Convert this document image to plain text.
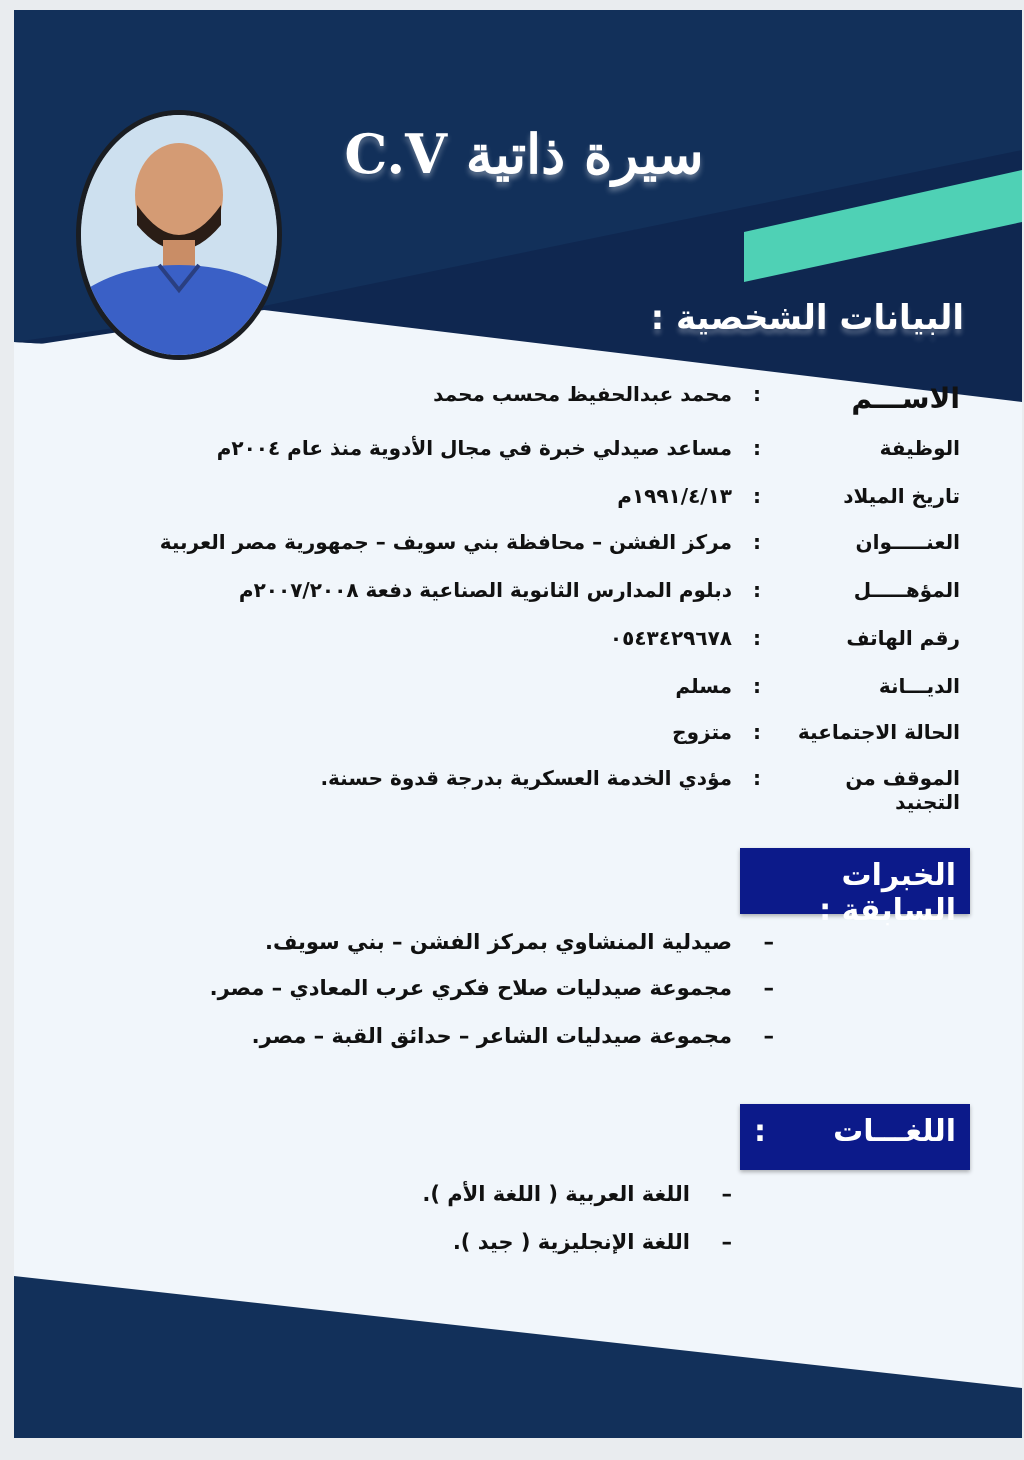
سيرة ذاتية C.V
البيانات الشخصية :
الاســـم
:
محمد عبدالحفيظ محسب محمد
الوظيفة
:
مساعد صيدلي خبرة في مجال الأدوية منذ عام ٢٠٠٤م
تاريخ الميلاد
:
١٩٩١/٤/١٣م
العنـــــوان
:
مركز الفشن – محافظة بني سويف – جمهورية مصر العربية
المؤهـــــل
:
دبلوم المدارس الثانوية الصناعية دفعة ٢٠٠٧/٢٠٠٨م
رقم الهاتف
:
٠٥٤٣٤٢٩٦٧٨
الديـــانة
:
مسلم
الحالة الاجتماعية
:
متزوج
الموقف من التجنيد
:
مؤدي الخدمة العسكرية بدرجة قدوة حسنة.
الخبرات السابقة :
–
صيدلية المنشاوي بمركز الفشن – بني سويف.
–
مجموعة صيدليات صلاح فكري عرب المعادي – مصر.
–
مجموعة صيدليات الشاعر – حدائق القبة – مصر.
اللغـــات
:
–
اللغة العربية ( اللغة الأم ).
–
اللغة الإنجليزية ( جيد ).
